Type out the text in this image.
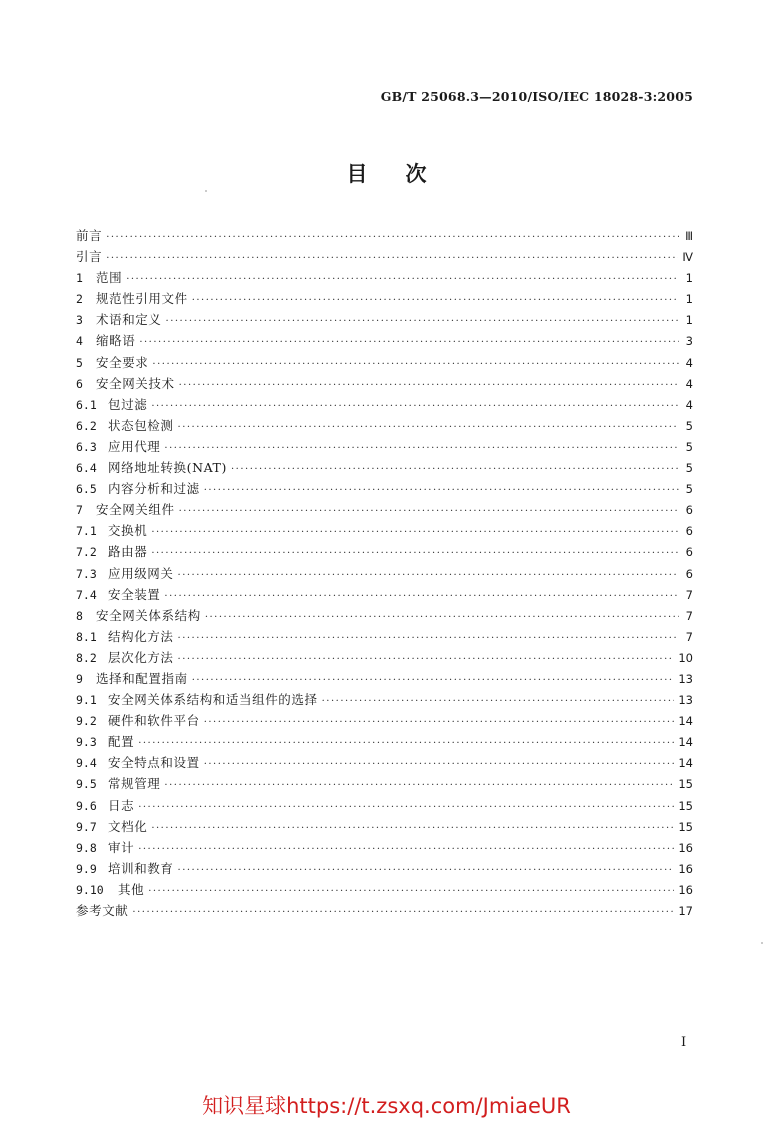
GB/T 25068.3—2010/ISO/IEC 18028-3:2005
目次
前言 ·····	Ⅲ
引言 ·····	Ⅳ
1	范围 ·····	1
2	规范性引用文件 ·····	1
3	术语和定义 ·····	1
4	缩略语 ·····	3
5	安全要求 ·····	4
6	安全网关技术 ·····	4
6.1 包过滤 ·····	4
6.2 状态包检测 ·····	5
6.3 应用代理 ·····	5
6.4 网络地址转换(NAT) ·····	5
6.5 内容分析和过滤 ·····	5
7	安全网关组件 ·····	6
7.1 交换机 ·····	6
7.2 路由器 ·····	6
7.3 应用级网关 ·····	6
7.4 安全装置 ·····	7
8	安全网关体系结构 ·····	7
8.1 结构化方法 ·····	7
8.2 层次化方法 ·····	10
9	选择和配置指南 ·····	13
9.1 安全网关体系结构和适当组件的选择 ·····	13
9.2 硬件和软件平台 ·····	14
9.3 配置 ·····	14
9.4 安全特点和设置 ·····	14
9.5 常规管理 ·····	15
9.6 日志 ·····	15
9.7 文档化 ·····	15
9.8 审计 ·····	16
9.9 培训和教育 ·····	16
9.10	其他 ·····	16
参考文献 ·····	17
I
知识星球https://t.zsxq.com/JmiaeUR
